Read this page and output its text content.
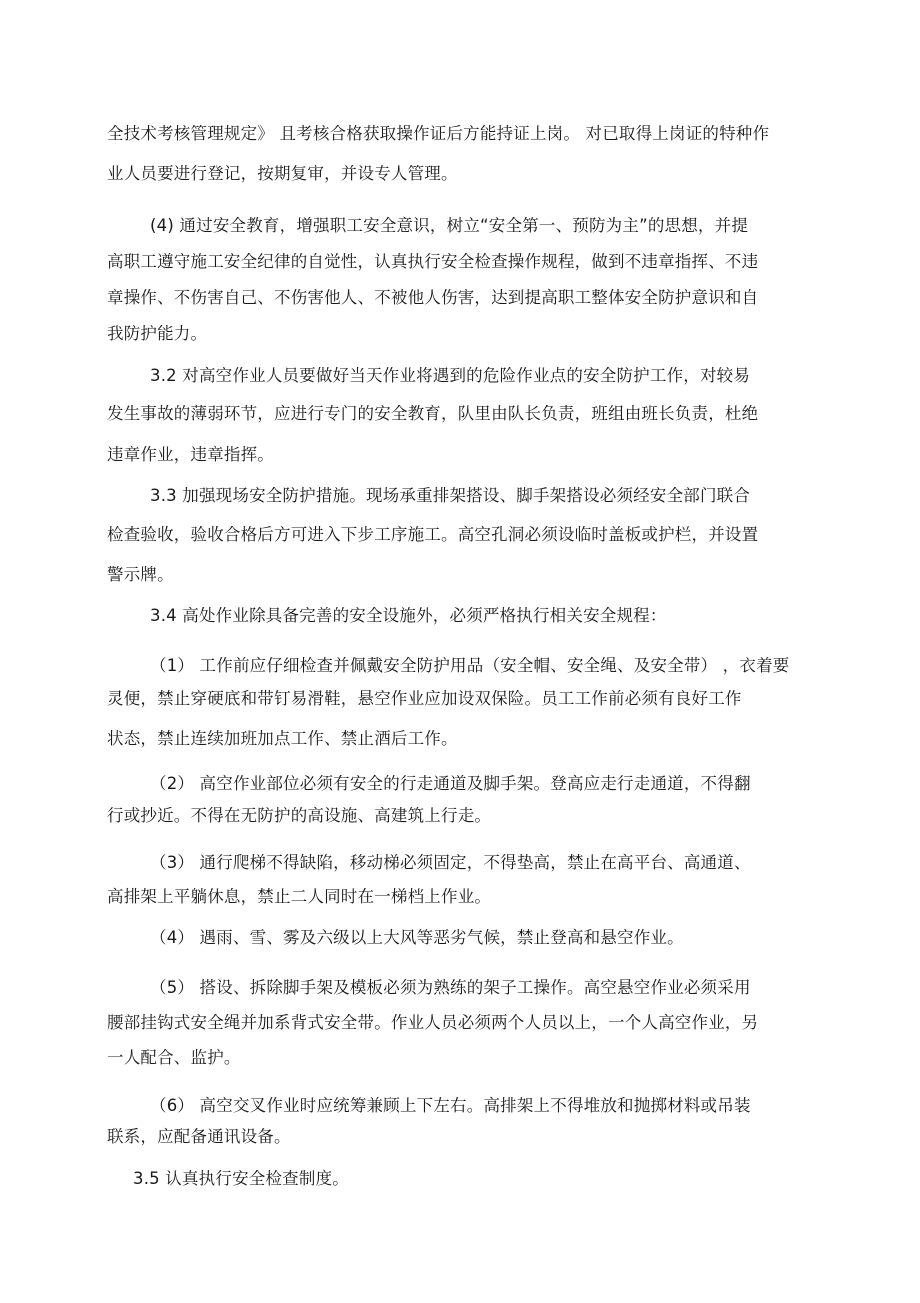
全技术考核管理规定》 且考核合格获取操作证后方能持证上岗。 对已取得上岗证的特种作
业人员要进行登记，按期复审，并设专人管理。
(4) 通过安全教育，增强职工安全意识，树立“安全第一、预防为主”的思想，并提
高职工遵守施工安全纪律的自觉性，认真执行安全检查操作规程，做到不违章指挥、不违
章操作、不伤害自己、不伤害他人、不被他人伤害，达到提高职工整体安全防护意识和自
我防护能力。
3.2 对高空作业人员要做好当天作业将遇到的危险作业点的安全防护工作，对较易
发生事故的薄弱环节，应进行专门的安全教育，队里由队长负责，班组由班长负责，杜绝
违章作业，违章指挥。
3.3 加强现场安全防护措施。现场承重排架搭设、脚手架搭设必须经安全部门联合
检查验收，验收合格后方可进入下步工序施工。高空孔洞必须设临时盖板或护栏，并设置
警示牌。
3.4 高处作业除具备完善的安全设施外，必须严格执行相关安全规程：
（1） 工作前应仔细检查并佩戴安全防护用品（安全帽、安全绳、及安全带） ，衣着要
灵便，禁止穿硬底和带钉易滑鞋，悬空作业应加设双保险。员工工作前必须有良好工作
状态，禁止连续加班加点工作、禁止酒后工作。
（2） 高空作业部位必须有安全的行走通道及脚手架。登高应走行走通道，不得翻
行或抄近。不得在无防护的高设施、高建筑上行走。
（3） 通行爬梯不得缺陷，移动梯必须固定，不得垫高，禁止在高平台、高通道、
高排架上平躺休息，禁止二人同时在一梯档上作业。
（4） 遇雨、雪、雾及六级以上大风等恶劣气候，禁止登高和悬空作业。
（5） 搭设、拆除脚手架及模板必须为熟练的架子工操作。高空悬空作业必须采用
腰部挂钩式安全绳并加系背式安全带。作业人员必须两个人员以上，一个人高空作业，另
一人配合、监护。
（6） 高空交叉作业时应统筹兼顾上下左右。高排架上不得堆放和抛掷材料或吊装
联系，应配备通讯设备。
3.5 认真执行安全检查制度。
